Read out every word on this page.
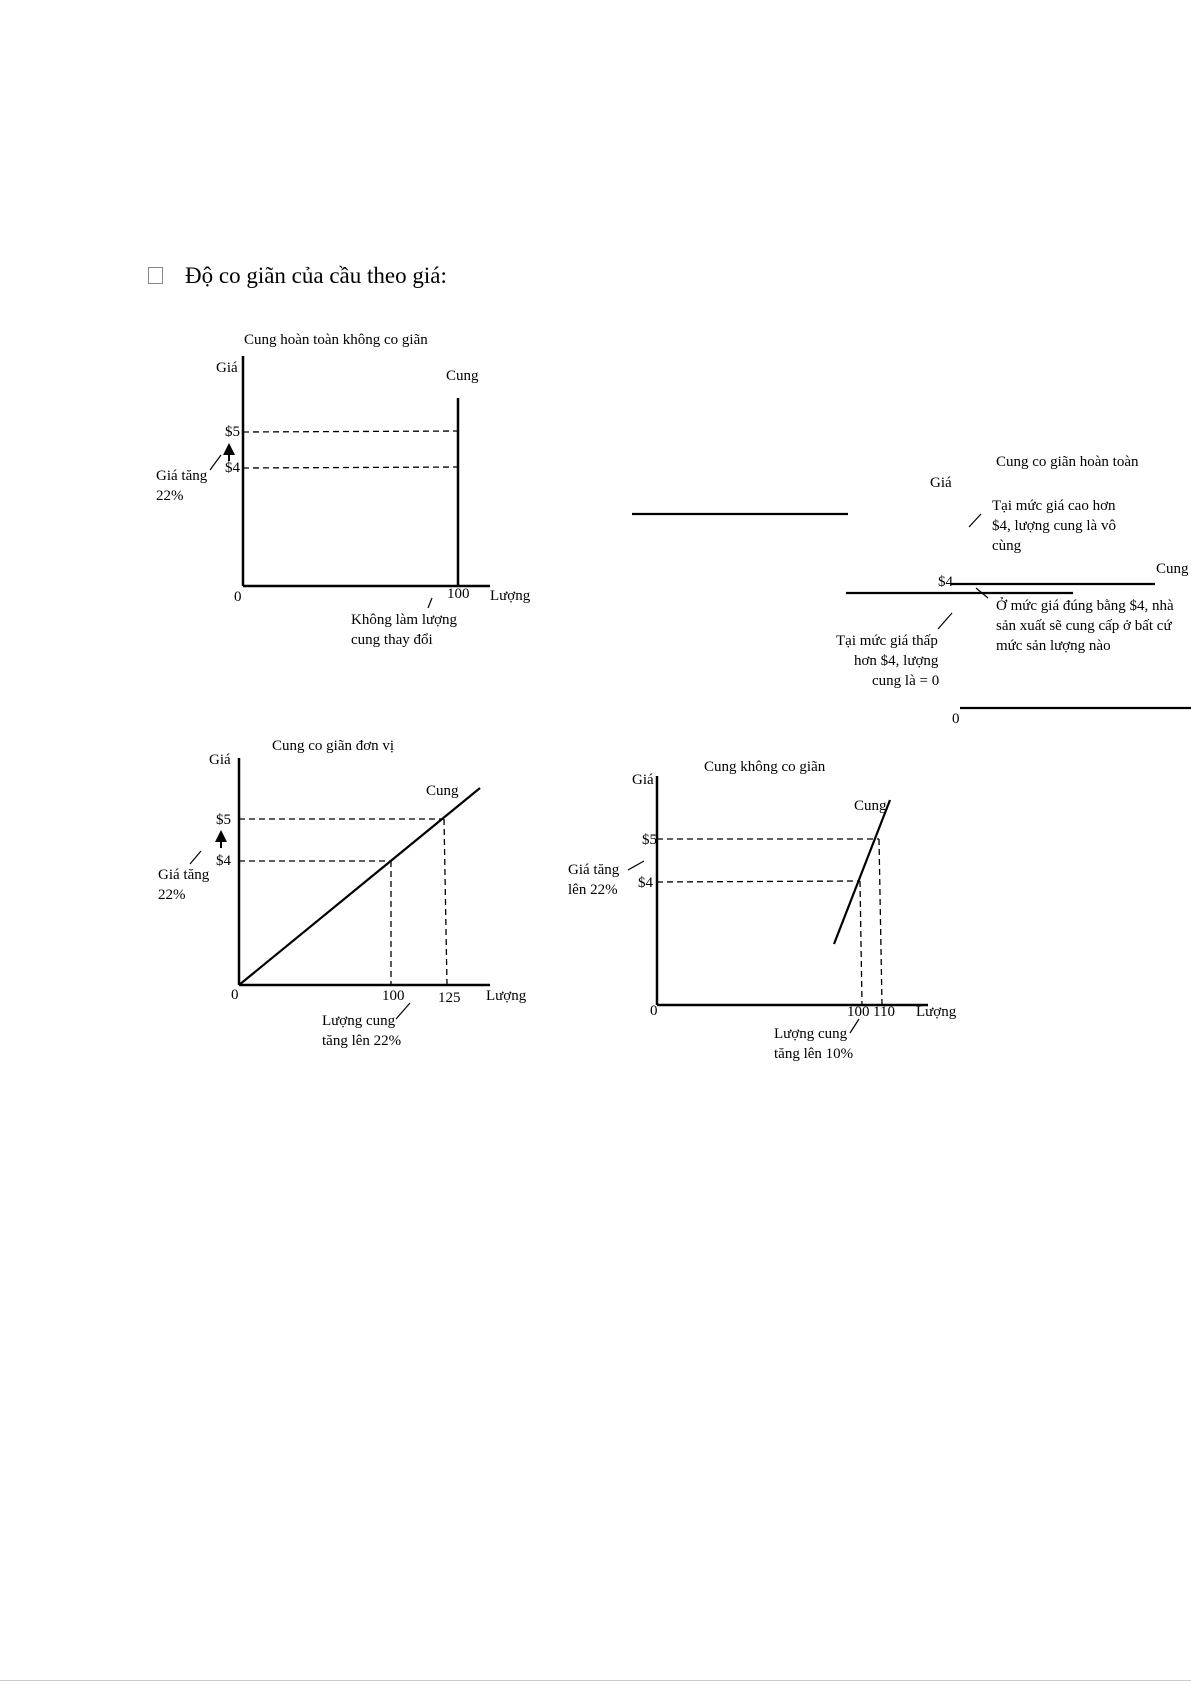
Độ co giãn của cầu theo giá:
Cung hoàn toàn không co giãn
Giá	Cung
$5
$4
Giá tăng
22%
0	100 Lượng
Không làm lượng
cung thay đổi
Cung co giãn hoàn toàn
Giá
Tại mức giá cao hơn
$4, lượng cung là vô
cùng
Cung
$4
Ở mức giá đúng bằng $4, nhà
sản xuất sẽ cung cấp ở bất cứ
mức sản lượng nào
Tại mức giá thấp
hơn $4, lượng
cung là = 0
0
Cung co giãn đơn vị
Giá
Cung
$5
$4
Giá tăng
22%
0	100 125 Lượng
Lượng cung
tăng lên 22%
Cung không co giãn
Giá
Cung
$5
$4
Giá tăng
lên 22%
0	100 110 Lượng
Lượng cung
tăng lên 10%
